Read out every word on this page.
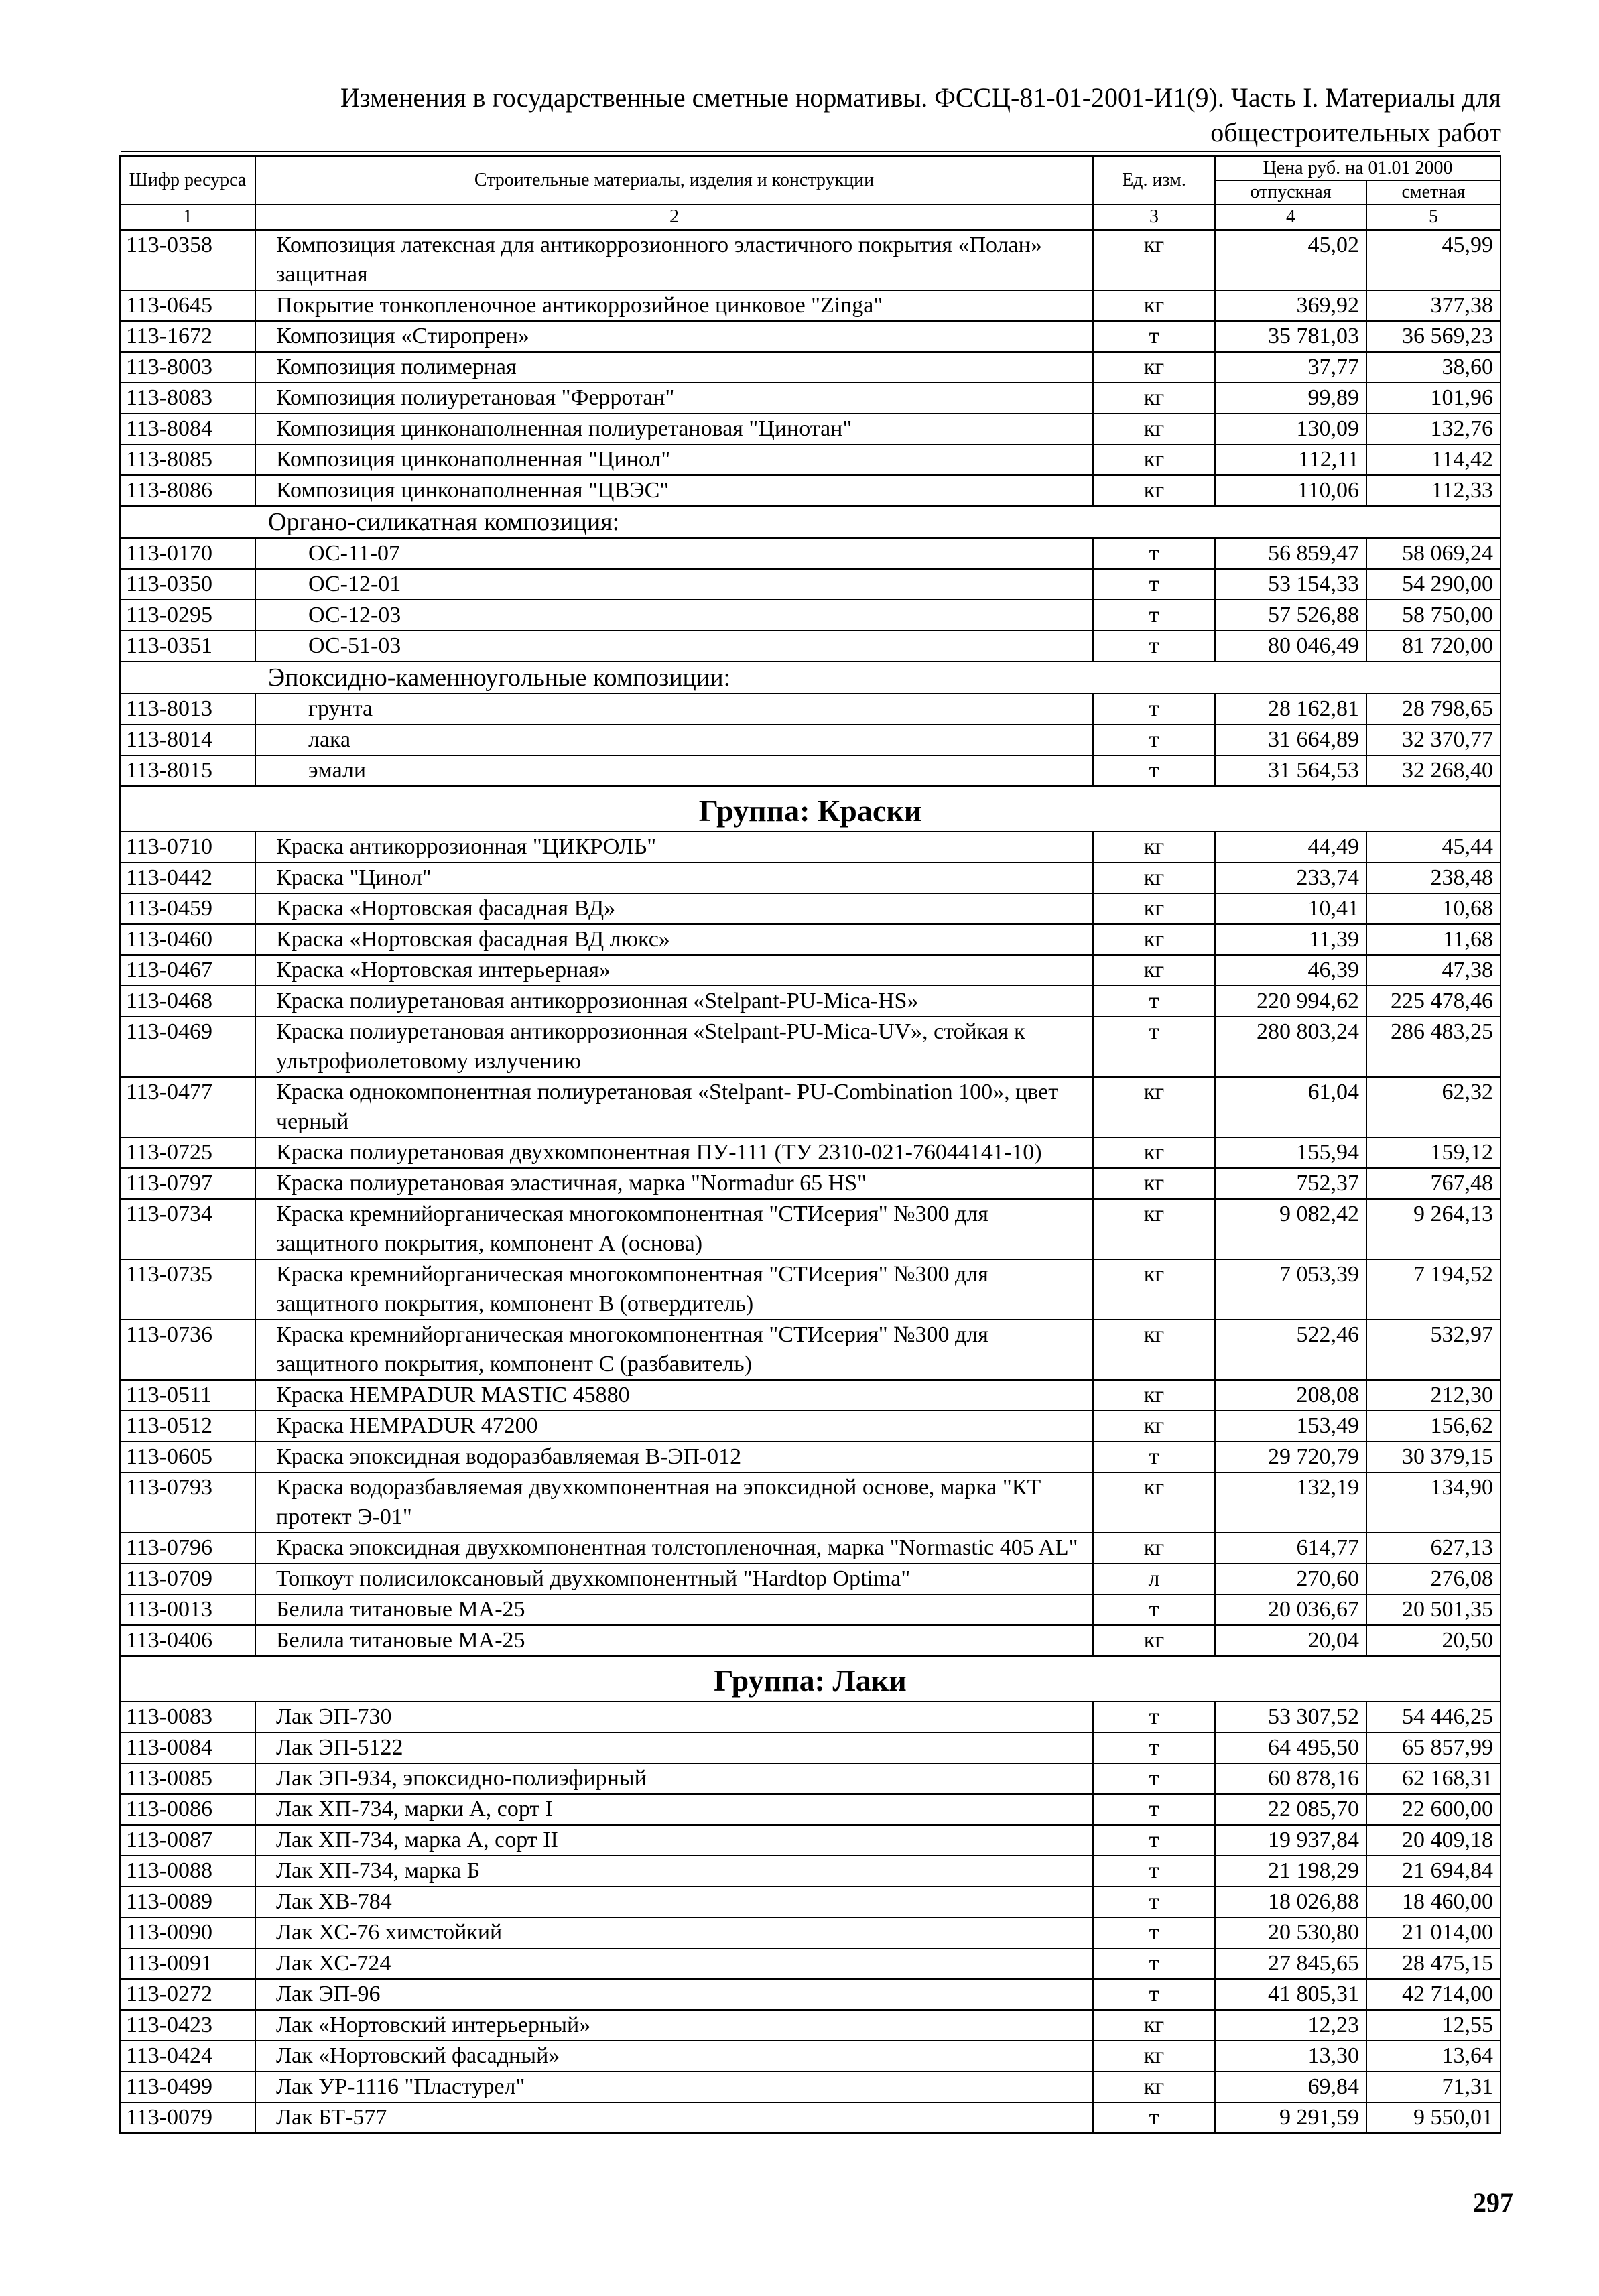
Изменения в государственные сметные нормативы. ФССЦ-81-01-2001-И1(9). Часть I. Материалы для
общестроительных работ
Шифр ресурса	Строительные материалы, изделия и конструкции	Ед. изм.	Цена руб. на 01.01 2000	
			отпускная	сметная
1	2	3	4	5
113-0358	Композиция латексная для антикоррозионного эластичного покрытия «Полан» защитная	кг	45,02	45,99
113-0645	Покрытие тонкопленочное антикоррозийное цинковое "Zinga"	кг	369,92	377,38
113-1672	Композиция «Стиропрен»	т	35 781,03	36 569,23
113-8003	Композиция полимерная	кг	37,77	38,60
113-8083	Композиция полиуретановая "Ферротан"	кг	99,89	101,96
113-8084	Композиция цинконаполненная полиуретановая "Цинотан"	кг	130,09	132,76
113-8085	Композиция цинконаполненная "Цинол"	кг	112,11	114,42
113-8086	Композиция цинконаполненная "ЦВЭС"	кг	110,06	112,33
Органо-силикатная композиция:				
113-0170	ОС-11-07	т	56 859,47	58 069,24
113-0350	ОС-12-01	т	53 154,33	54 290,00
113-0295	ОС-12-03	т	57 526,88	58 750,00
113-0351	ОС-51-03	т	80 046,49	81 720,00
Эпоксидно-каменноугольные композиции:				
113-8013	грунта	т	28 162,81	28 798,65
113-8014	лака	т	31 664,89	32 370,77
113-8015	эмали	т	31 564,53	32 268,40
Группа: Краски				
113-0710	Краска антикоррозионная "ЦИКРОЛЬ"	кг	44,49	45,44
113-0442	Краска "Цинол"	кг	233,74	238,48
113-0459	Краска «Нортовская фасадная ВД»	кг	10,41	10,68
113-0460	Краска «Нортовская фасадная ВД люкс»	кг	11,39	11,68
113-0467	Краска «Нортовская интерьерная»	кг	46,39	47,38
113-0468	Краска полиуретановая антикоррозионная «Stelpant-PU-Mica-HS»	т	220 994,62	225 478,46
113-0469	Краска полиуретановая антикоррозионная «Stelpant-PU-Mica-UV», стойкая к ультрофиолетовому излучению	т	280 803,24	286 483,25
113-0477	Краска однокомпонентная полиуретановая «Stelpant- PU-Combination 100», цвет черный	кг	61,04	62,32
113-0725	Краска полиуретановая двухкомпонентная ПУ-111 (ТУ 2310-021-76044141-10)	кг	155,94	159,12
113-0797	Краска полиуретановая эластичная, марка "Normadur 65 HS"	кг	752,37	767,48
113-0734	Краска кремнийорганическая многокомпонентная "СТИсерия" №300 для защитного покрытия, компонент А (основа)	кг	9 082,42	9 264,13
113-0735	Краска кремнийорганическая многокомпонентная "СТИсерия" №300 для защитного покрытия, компонент В (отвердитель)	кг	7 053,39	7 194,52
113-0736	Краска кремнийорганическая многокомпонентная "СТИсерия" №300 для защитного покрытия, компонент С (разбавитель)	кг	522,46	532,97
113-0511	Краска HEMPADUR MASTIC 45880	кг	208,08	212,30
113-0512	Краска HEMPADUR 47200	кг	153,49	156,62
113-0605	Краска эпоксидная водоразбавляемая В-ЭП-012	т	29 720,79	30 379,15
113-0793	Краска водоразбавляемая двухкомпонентная на эпоксидной основе, марка "КТ протект Э-01"	кг	132,19	134,90
113-0796	Краска эпоксидная двухкомпонентная толстопленочная, марка "Normastic 405 AL"	кг	614,77	627,13
113-0709	Топкоут полисилоксановый двухкомпонентный "Hardtop Optima"	л	270,60	276,08
113-0013	Белила титановые МА-25	т	20 036,67	20 501,35
113-0406	Белила титановые МА-25	кг	20,04	20,50
Группа: Лаки				
113-0083	Лак ЭП-730	т	53 307,52	54 446,25
113-0084	Лак ЭП-5122	т	64 495,50	65 857,99
113-0085	Лак ЭП-934, эпоксидно-полиэфирный	т	60 878,16	62 168,31
113-0086	Лак ХП-734, марки А, сорт I	т	22 085,70	22 600,00
113-0087	Лак ХП-734, марка А, сорт II	т	19 937,84	20 409,18
113-0088	Лак ХП-734, марка Б	т	21 198,29	21 694,84
113-0089	Лак ХВ-784	т	18 026,88	18 460,00
113-0090	Лак ХС-76 химстойкий	т	20 530,80	21 014,00
113-0091	Лак ХС-724	т	27 845,65	28 475,15
113-0272	Лак ЭП-96	т	41 805,31	42 714,00
113-0423	Лак «Нортовский интерьерный»	кг	12,23	12,55
113-0424	Лак «Нортовский фасадный»	кг	13,30	13,64
113-0499	Лак УР-1116 "Пластурел"	кг	69,84	71,31
113-0079	Лак БТ-577	т	9 291,59	9 550,01
297
